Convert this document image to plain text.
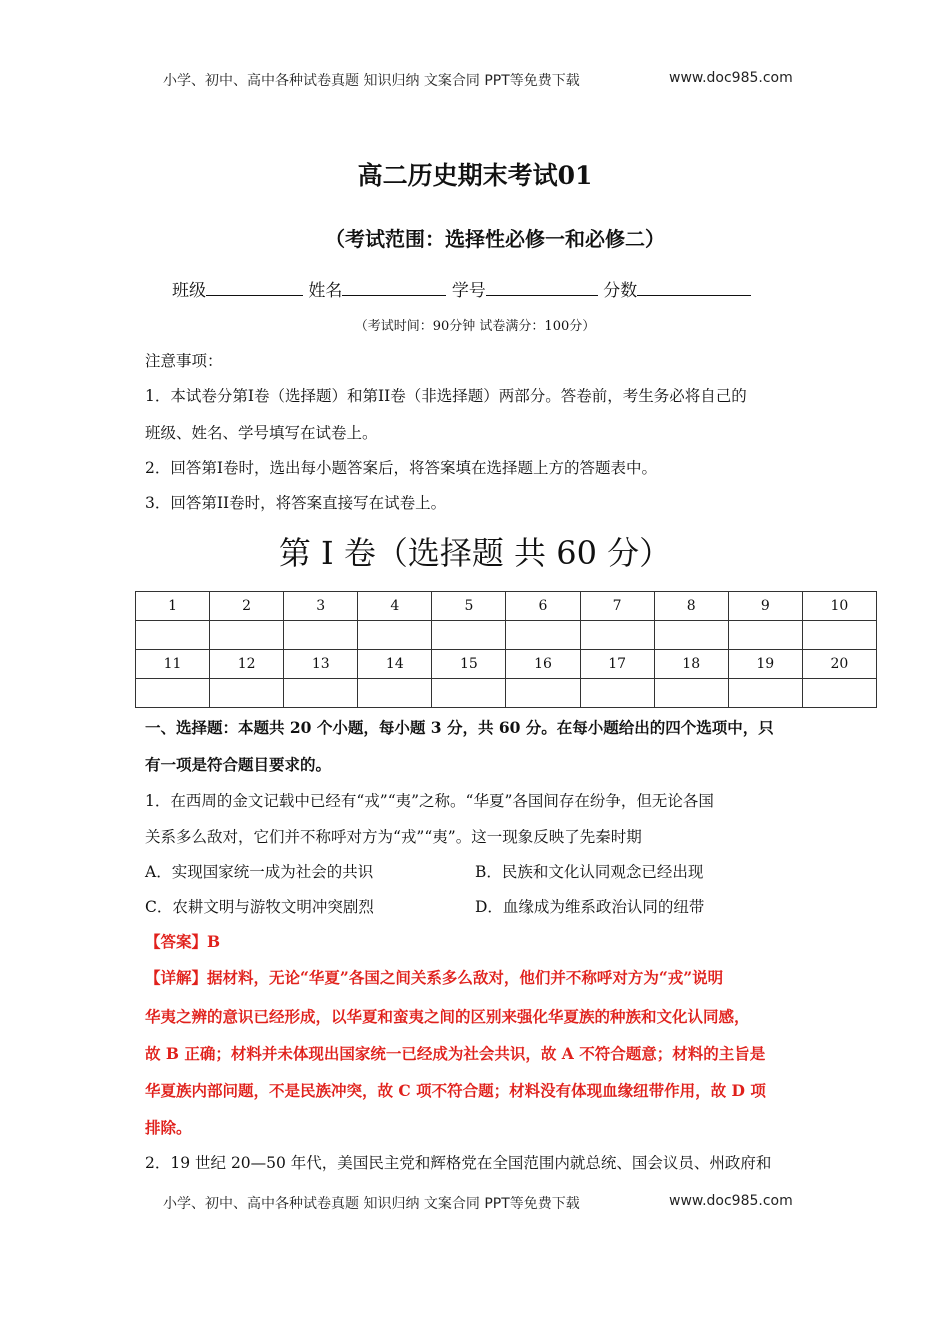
小学、初中、高中各种试卷真题 知识归纳 文案合同 PPT等免费下载	www.doc985.com
高二历史期末考试01
（考试范围：选择性必修一和必修二）
班级	姓名	学号	分数
（考试时间：90分钟 试卷满分：100分）
注意事项：
1．本试卷分第I卷（选择题）和第II卷（非选择题）两部分。答卷前，考生务必将自己的
班级、姓名、学号填写在试卷上。
2．回答第I卷时，选出每小题答案后，将答案填在选择题上方的答题表中。
3．回答第II卷时，将答案直接写在试卷上。
第 I 卷（选择题 共 60 分）
1	2	3	4	5	6	7	8	9	10

11	12	13	14	15	16	17	18	19	20

一、选择题：本题共 20 个小题，每小题 3 分，共 60 分。在每小题给出的四个选项中，只
有一项是符合题目要求的。
1．在西周的金文记载中已经有“戎”“夷”之称。“华夏”各国间存在纷争，但无论各国
关系多么敌对，它们并不称呼对方为“戎”“夷”。这一现象反映了先秦时期
A．实现国家统一成为社会的共识	B．民族和文化认同观念已经出现
C．农耕文明与游牧文明冲突剧烈	D．血缘成为维系政治认同的纽带
【答案】B
【详解】据材料，无论“华夏”各国之间关系多么敌对，他们并不称呼对方为“戎”说明
华夷之辨的意识已经形成，以华夏和蛮夷之间的区别来强化华夏族的种族和文化认同感，
故 B 正确；材料并未体现出国家统一已经成为社会共识，故 A 不符合题意；材料的主旨是
华夏族内部问题，不是民族冲突，故 C 项不符合题；材料没有体现血缘纽带作用，故 D 项
排除。
2．19 世纪 20—50 年代，美国民主党和辉格党在全国范围内就总统、国会议员、州政府和
小学、初中、高中各种试卷真题 知识归纳 文案合同 PPT等免费下载	www.doc985.com
